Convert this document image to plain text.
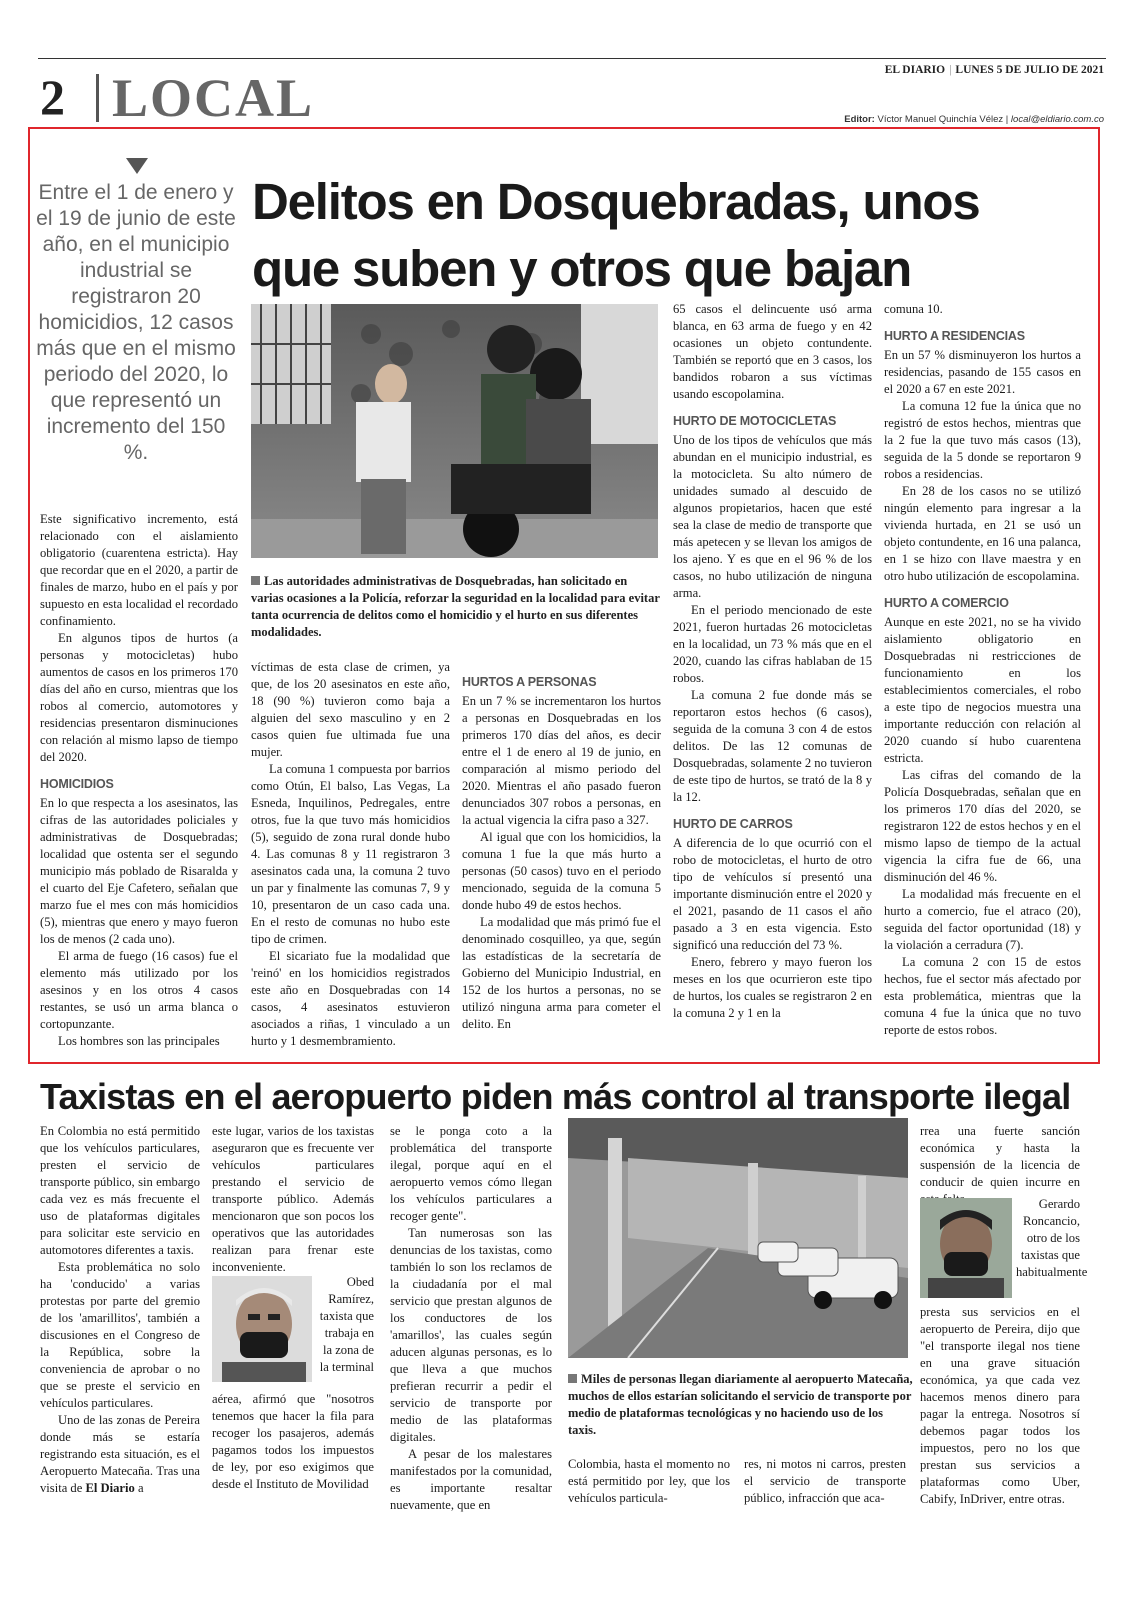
2 LOCAL	EL DIARIO | LUNES 5 DE JULIO DE 2021
Editor: Víctor Manuel Quinchía Vélez | local@eldiario.com.co
Entre el 1 de enero y el 19 de junio de este año, en el municipio industrial se registraron 20 homicidios, 12 casos más que en el mismo periodo del 2020, lo que representó un incremento del 150 %.
Delitos en Dosquebradas, unos
que suben y otros que bajan
Las autoridades administrativas de Dosquebradas, han solicitado en varias ocasiones a la Policía, reforzar la seguridad en la localidad para evitar tanta ocurrencia de delitos como el homicidio y el hurto en sus diferentes modalidades.

Este significativo incremento, está relacionado con el aislamiento obligatorio (cuarentena estricta). Hay que recordar que en el 2020, a partir de finales de marzo, hubo en el país y por supuesto en esta localidad el recordado confinamiento.

En algunos tipos de hurtos (a personas y motocicletas) hubo aumentos de casos en los primeros 170 días del año en curso, mientras que los robos al comercio, automotores y residencias presentaron disminuciones con relación al mismo lapso de tiempo del 2020.

HOMICIDIOS

En lo que respecta a los asesinatos, las cifras de las autoridades policiales y administrativas de Dosquebradas; localidad que ostenta ser el segundo municipio más poblado de Risaralda y el cuarto del Eje Cafetero, señalan que marzo fue el mes con más homicidios (5), mientras que enero y mayo fueron los de menos (2 cada uno).

El arma de fuego (16 casos) fue el elemento más utilizado por los asesinos y en los otros 4 casos restantes, se usó un arma blanca o cortopunzante.

Los hombres son las principales

víctimas de esta clase de crimen, ya que, de los 20 asesinatos en este año, 18 (90 %) tuvieron como baja a alguien del sexo masculino y en 2 casos quien fue ultimada fue una mujer.

La comuna 1 compuesta por barrios como Otún, El balso, Las Vegas, La Esneda, Inquilinos, Pedregales, entre otros, fue la que tuvo más homicidios (5), seguido de zona rural donde hubo 4. Las comunas 8 y 11 registraron 3 asesinatos cada una, la comuna 2 tuvo un par y finalmente las comunas 7, 9 y 10, presentaron de un caso cada una. En el resto de comunas no hubo este tipo de crimen.

El sicariato fue la modalidad que 'reinó' en los homicidios registrados este año en Dosquebradas con 14 casos, 4 asesinatos estuvieron asociados a riñas, 1 vinculado a un hurto y 1 desmembramiento.

HURTOS A PERSONAS

En un 7 % se incrementaron los hurtos a personas en Dosquebradas en los primeros 170 días del años, es decir entre el 1 de enero al 19 de junio, en comparación al mismo periodo del 2020. Mientras el año pasado fueron denunciados 307 robos a personas, en la actual vigencia la cifra paso a 327.

Al igual que con los homicidios, la comuna 1 fue la que más hurto a personas (50 casos) tuvo en el periodo mencionado, seguida de la comuna 5 donde hubo 49 de estos hechos.

La modalidad que más primó fue el denominado cosquilleo, ya que, según las estadísticas de la secretaría de Gobierno del Municipio Industrial, en 152 de los hurtos a personas, no se utilizó ninguna arma para cometer el delito. En

65 casos el delincuente usó arma blanca, en 63 arma de fuego y en 42 ocasiones un objeto contundente. También se reportó que en 3 casos, los bandidos robaron a sus víctimas usando escopolamina.

HURTO DE MOTOCICLETAS

Uno de los tipos de vehículos que más abundan en el municipio industrial, es la motocicleta. Su alto número de unidades sumado al descuido de algunos propietarios, hacen que esté sea la clase de medio de transporte que más apetecen y se llevan los amigos de los ajeno. Y es que en el 96 % de los casos, no hubo utilización de ninguna arma.

En el periodo mencionado de este 2021, fueron hurtadas 26 motocicletas en la localidad, un 73 % más que en el 2020, cuando las cifras hablaban de 15 robos.

La comuna 2 fue donde más se reportaron estos hechos (6 casos), seguida de la comuna 3 con 4 de estos delitos. De las 12 comunas de Dosquebradas, solamente 2 no tuvieron de este tipo de hurtos, se trató de la 8 y la 12.

HURTO DE CARROS

A diferencia de lo que ocurrió con el robo de motocicletas, el hurto de otro tipo de vehículos sí presentó una importante disminución entre el 2020 y el 2021, pasando de 11 casos el año pasado a 3 en esta vigencia. Esto significó una reducción del 73 %.

Enero, febrero y mayo fueron los meses en los que ocurrieron este tipo de hurtos, los cuales se registraron 2 en la comuna 2 y 1 en la

comuna 10.

HURTO A RESIDENCIAS

En un 57 % disminuyeron los hurtos a residencias, pasando de 155 casos en el 2020 a 67 en este 2021.

La comuna 12 fue la única que no registró de estos hechos, mientras que la 2 fue la que tuvo más casos (13), seguida de la 5 donde se reportaron 9 robos a residencias.

En 28 de los casos no se utilizó ningún elemento para ingresar a la vivienda hurtada, en 21 se usó un objeto contundente, en 16 una palanca, en 1 se hizo con llave maestra y en otro hubo utilización de escopolamina.

HURTO A COMERCIO

Aunque en este 2021, no se ha vivido aislamiento obligatorio en Dosquebradas ni restricciones de funcionamiento en los establecimientos comerciales, el robo a este tipo de negocios muestra una importante reducción con relación al 2020 cuando sí hubo cuarentena estricta.

Las cifras del comando de la Policía Dosquebradas, señalan que en los primeros 170 días del 2020, se registraron 122 de estos hechos y en el mismo lapso de tiempo de la actual vigencia la cifra fue de 66, una disminución del 46 %.

La modalidad más frecuente en el hurto a comercio, fue el atraco (20), seguida del factor oportunidad (18) y la violación a cerradura (7).

La comuna 2 con 15 de estos hechos, fue el sector más afectado por esta problemática, mientras que la comuna 4 fue la única que no tuvo reporte de estos robos.

Taxistas en el aeropuerto piden más control al transporte ilegal

En Colombia no está permitido que los vehículos particulares, presten el servicio de transporte público, sin embargo cada vez es más frecuente el uso de plataformas digitales para solicitar este servicio en automotores diferentes a taxis.

Esta problemática no solo ha 'conducido' a varias protestas por parte del gremio de los 'amarillitos', también a discusiones en el Congreso de la República, sobre la conveniencia de aprobar o no que se preste el servicio en vehículos particulares.

Uno de las zonas de Pereira donde más se estaría registrando esta situación, es el Aeropuerto Matecaña. Tras una visita de El Diario a

este lugar, varios de los taxistas aseguraron que es frecuente ver vehículos particulares prestando el servicio de transporte público. Además mencionaron que son pocos los operativos que las autoridades realizan para frenar este inconveniente.

Obed Ramírez, taxista que trabaja en la zona de la terminal

aérea, afirmó que "nosotros tenemos que hacer la fila para recoger los pasajeros, además pagamos todos los impuestos de ley, por eso exigimos que desde el Instituto de Movilidad

se le ponga coto a la problemática del transporte ilegal, porque aquí en el aeropuerto vemos cómo llegan los vehículos particulares a recoger gente".

Tan numerosas son las denuncias de los taxistas, como también lo son los reclamos de la ciudadanía por el mal servicio que prestan algunos de los conductores de los 'amarillos', las cuales según aducen algunas personas, es lo que lleva a que muchos prefieran recurrir a pedir el servicio de transporte por medio de las plataformas digitales.

A pesar de los malestares manifestados por la comunidad, es importante resaltar nuevamente, que en

Miles de personas llegan diariamente al aeropuerto Matecaña, muchos de ellos estarían solicitando el servicio de transporte por medio de plataformas tecnológicas y no haciendo uso de los taxis.

Colombia, hasta el momento no está permitido por ley, que los vehículos particula-

res, ni motos ni carros, presten el servicio de transporte público, infracción que aca-

rrea una fuerte sanción económica y hasta la suspensión de la licencia de conducir de quien incurre en

Gerardo Roncancio, otro de los taxistas que habitualmente

presta sus servicios en el aeropuerto de Pereira, dijo que "el transporte ilegal nos tiene en una grave situación económica, ya que cada vez hacemos menos dinero para pagar la entrega. Nosotros sí debemos pagar todos los impuestos, pero no los que prestan sus servicios a plataformas como Uber, Cabify, InDriver, entre otras.
